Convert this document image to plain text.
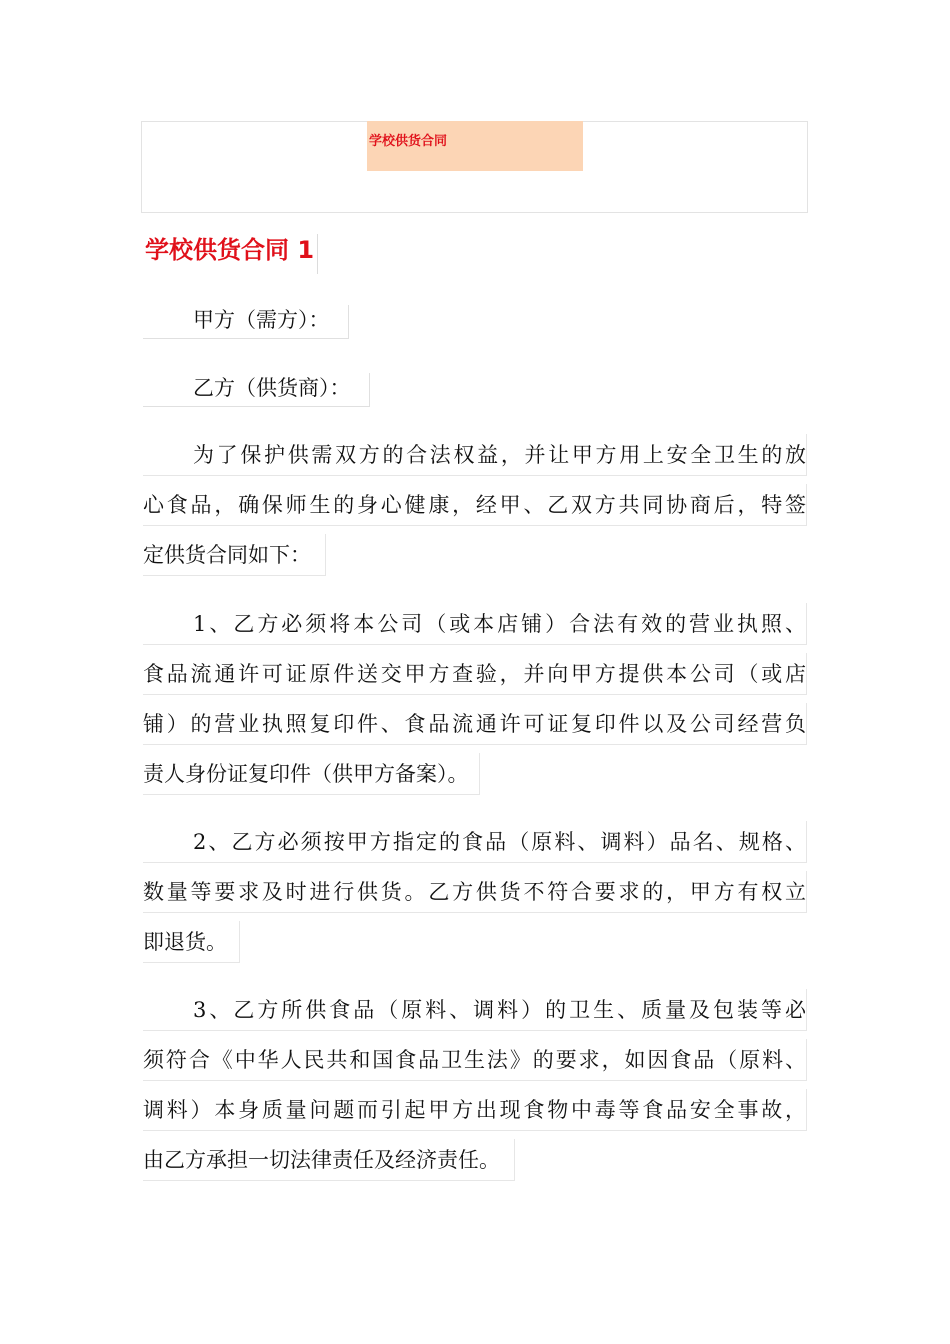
学校供货合同
学校供货合同 1
甲方（需方）：
乙方（供货商）：
为了保护供需双方的合法权益，并让甲方用上安全卫生的放
心食品，确保师生的身心健康，经甲、乙双方共同协商后，特签
定供货合同如下：
1、乙方必须将本公司（或本店铺）合法有效的营业执照、
食品流通许可证原件送交甲方查验，并向甲方提供本公司（或店
铺）的营业执照复印件、食品流通许可证复印件以及公司经营负
责人身份证复印件（供甲方备案）。
2、乙方必须按甲方指定的食品（原料、调料）品名、规格、
数量等要求及时进行供货。乙方供货不符合要求的，甲方有权立
即退货。
3、乙方所供食品（原料、调料）的卫生、质量及包装等必
须符合《中华人民共和国食品卫生法》的要求，如因食品（原料、
调料）本身质量问题而引起甲方出现食物中毒等食品安全事故，
由乙方承担一切法律责任及经济责任。
